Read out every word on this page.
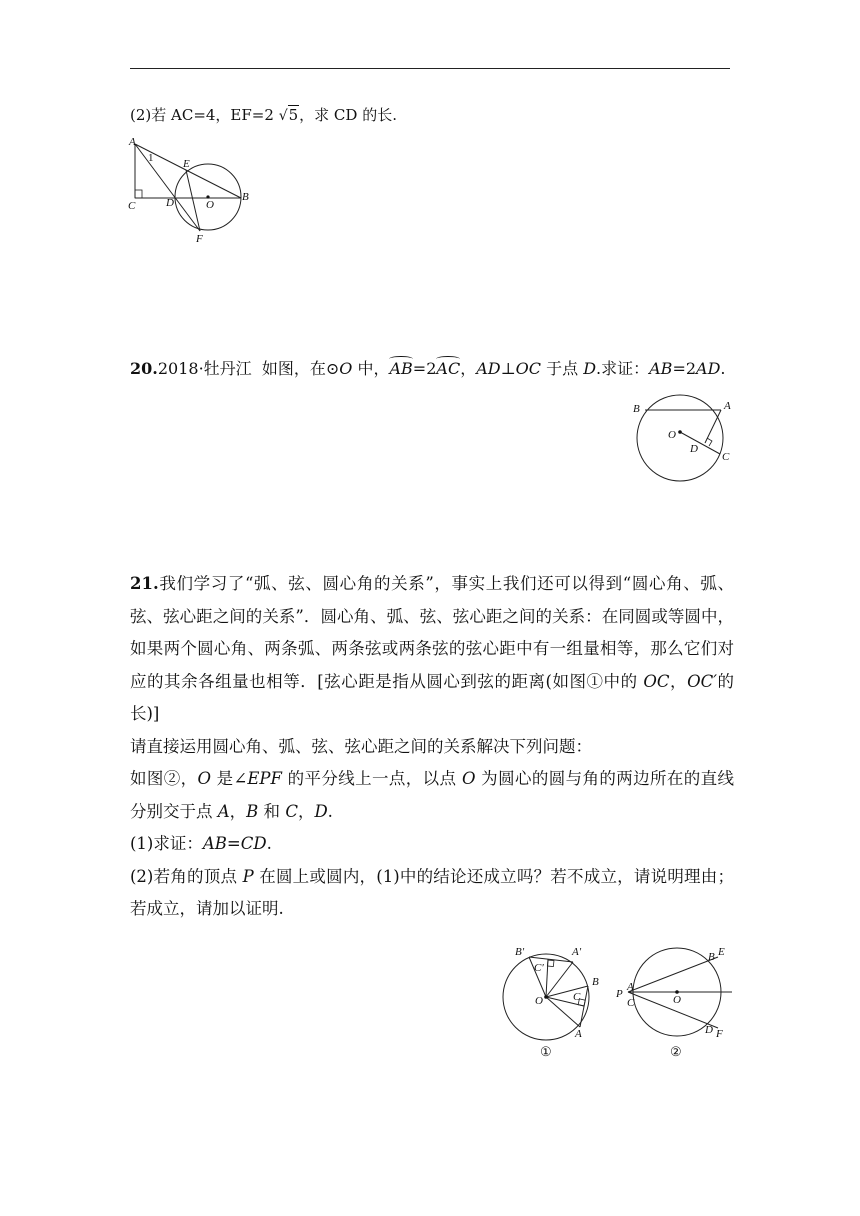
(2)若 AC=4，EF=2 √5，求 CD 的长.
A
1	E
C	D	O
B
F
20.2018·牡丹江 如图，在⊙O 中，AB=2AC，AD⊥OC 于点 D.求证：AB=2AD.
B	A
O
D
C

21.我们学习了“弧、弦、圆心角的关系”，事实上我们还可以得到“圆心角、弧、弦、弦心距之间的关系”．圆心角、弧、弦、弦心距之间的关系：在同圆或等圆中，如果两个圆心角、两条弧、两条弦或两条弦的弦心距中有一组量相等，那么它们对应的其余各组量也相等．[弦心距是指从圆心到弦的距离(如图①中的 OC，OC′的长)]

请直接运用圆心角、弧、弦、弦心距之间的关系解决下列问题：

如图②，O 是∠EPF 的平分线上一点，以点 O 为圆心的圆与角的两边所在的直线分别交于点 A，B 和 C，D.

(1)求证：AB=CD.

(2)若角的顶点 P 在圆上或圆内，(1)中的结论还成立吗？若不成立，请说明理由；若成立，请加以证明.

B′	A′
C′
O	C
B
A
①
B E
P
A
C	O
D F
②
